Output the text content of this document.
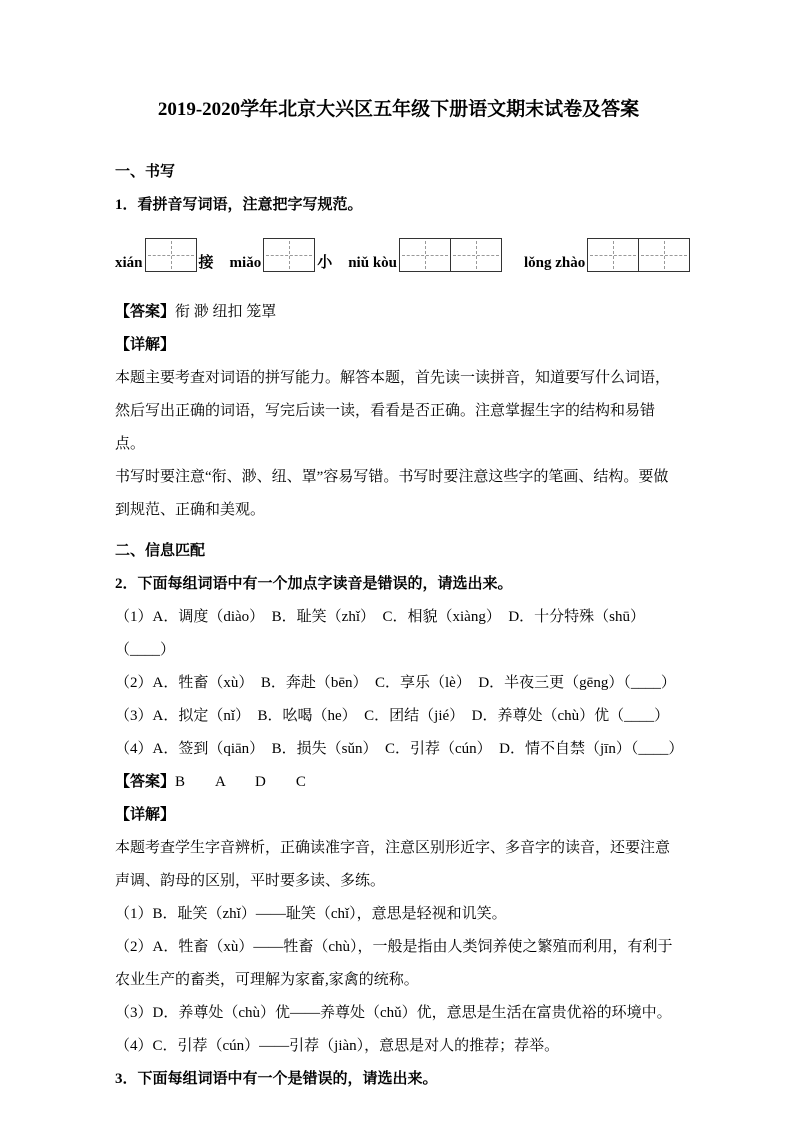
2019-2020学年北京大兴区五年级下册语文期末试卷及答案
一、书写

1．看拼音写词语，注意把字写规范。

xián	接 miǎo	小 niǔ kòu	lǒng zhào

【答案】衔 渺 纽扣 笼罩

【详解】

本题主要考查对词语的拼写能力。解答本题，首先读一读拼音，知道要写什么词语，然后写出正确的词语，写完后读一读，看看是否正确。注意掌握生字的结构和易错点。

书写时要注意“衔、渺、纽、罩”容易写错。书写时要注意这些字的笔画、结构。要做到规范、正确和美观。

二、信息匹配

2．下面每组词语中有一个加点字读音是错误的，请选出来。

（1）A．调度（diào）　B．耻笑（zhǐ）　C．相貌（xiàng）　D．十分特殊（shū）

（____）

（2）A．牲畜（xù）　B．奔赴（bēn）　C．享乐（lè）　D．半夜三更（gēng）（____）

（3）A．拟定（nǐ）　B．吆喝（he）　C．团结（jié）　D．养尊处（chù）优（____）

（4）A．签到（qiān）　B．损失（sǔn）　C．引荐（cún）　D．情不自禁（jīn）（____）

【答案】B　　A　　D　　C

【详解】

本题考查学生字音辨析，正确读准字音，注意区别形近字、多音字的读音，还要注意声调、韵母的区别，平时要多读、多练。

（1）B．耻笑（zhǐ）——耻笑（chǐ），意思是轻视和讥笑。

（2）A．牲畜（xù）——牲畜（chù），一般是指由人类饲养使之繁殖而利用，有利于农业生产的畜类，可理解为家畜,家禽的统称。

（3）D．养尊处（chù）优——养尊处（chǔ）优，意思是生活在富贵优裕的环境中。

（4）C．引荐（cún）——引荐（jiàn），意思是对人的推荐；荐举。

3．下面每组词语中有一个是错误的，请选出来。
